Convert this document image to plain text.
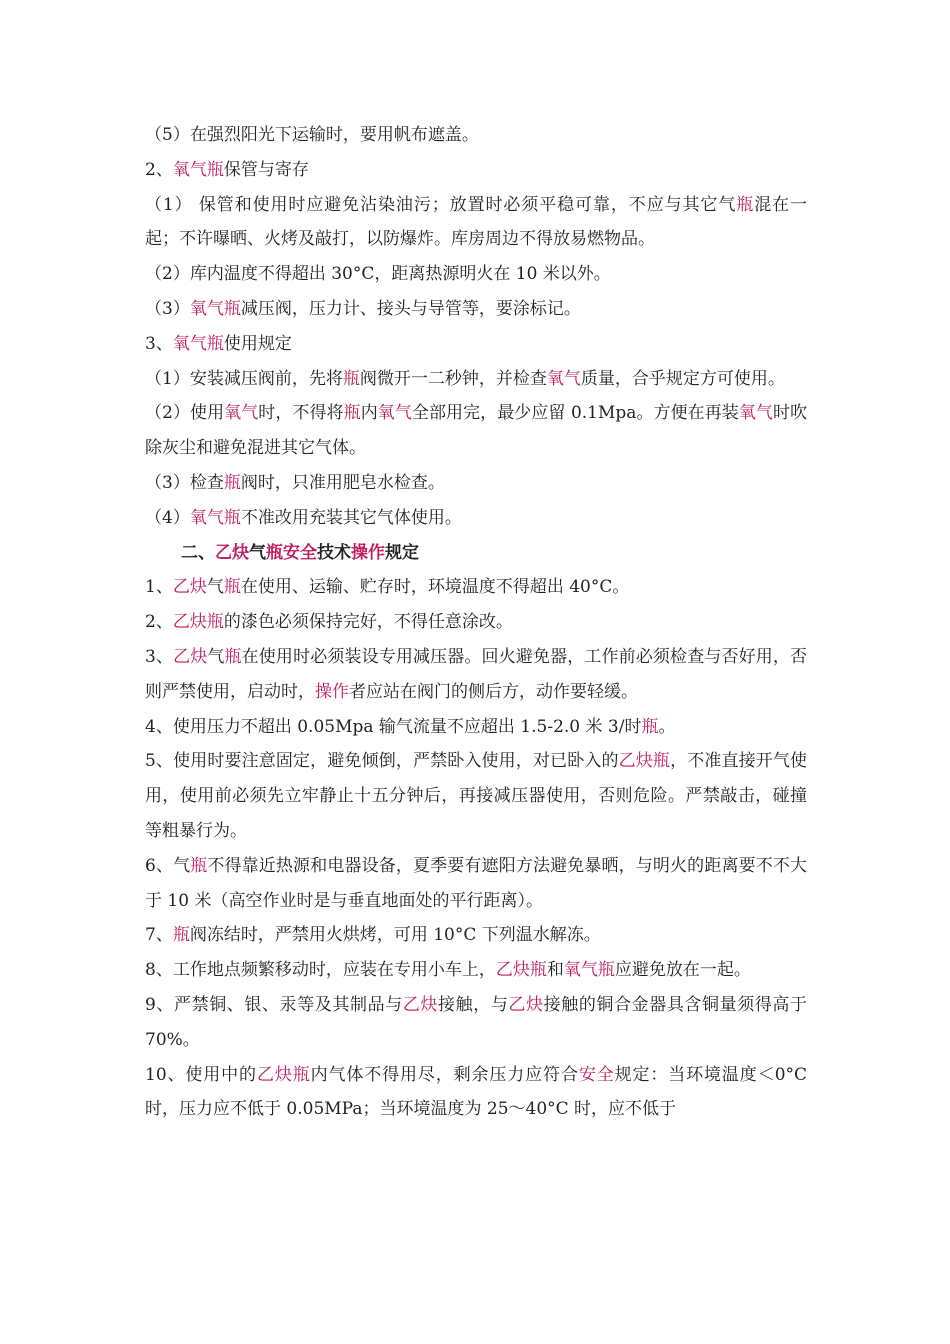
（5）在强烈阳光下运输时，要用帆布遮盖。

2、氧气瓶保管与寄存

（1） 保管和使用时应避免沾染油污；放置时必须平稳可靠，不应与其它气瓶混在一起；不许曝晒、火烤及敲打，以防爆炸。库房周边不得放易燃物品。

（2）库内温度不得超出 30°C，距离热源明火在 10 米以外。

（3）氧气瓶减压阀，压力计、接头与导管等，要涂标记。

3、氧气瓶使用规定

（1）安装减压阀前，先将瓶阀微开一二秒钟，并检查氧气质量，合乎规定方可使用。

（2）使用氧气时，不得将瓶内氧气全部用完，最少应留 0.1Mpa。方便在再装氧气时吹除灰尘和避免混进其它气体。

（3）检查瓶阀时，只准用肥皂水检查。

（4）氧气瓶不准改用充装其它气体使用。

二、乙炔气瓶安全技术操作规定

1、乙炔气瓶在使用、运输、贮存时，环境温度不得超出 40°C。

2、乙炔瓶的漆色必须保持完好，不得任意涂改。

3、乙炔气瓶在使用时必须装设专用减压器。回火避免器，工作前必须检查与否好用，否则严禁使用，启动时，操作者应站在阀门的侧后方，动作要轻缓。

4、使用压力不超出 0.05Mpa 输气流量不应超出 1.5-2.0 米 3/时瓶。

5、使用时要注意固定，避免倾倒，严禁卧入使用，对已卧入的乙炔瓶，不准直接开气使用，使用前必须先立牢静止十五分钟后，再接减压器使用，否则危险。严禁敲击，碰撞等粗暴行为。

6、气瓶不得靠近热源和电器设备，夏季要有遮阳方法避免暴晒，与明火的距离要不不大于 10 米（高空作业时是与垂直地面处的平行距离）。

7、瓶阀冻结时，严禁用火烘烤，可用 10°C 下列温水解冻。

8、工作地点频繁移动时，应装在专用小车上，乙炔瓶和氧气瓶应避免放在一起。

9、严禁铜、银、汞等及其制品与乙炔接触，与乙炔接触的铜合金器具含铜量须得高于 70%。

10、使用中的乙炔瓶内气体不得用尽，剩余压力应符合安全规定：当环境温度＜0°C 时，压力应不低于 0.05MPa；当环境温度为 25～40°C 时，应不低于
